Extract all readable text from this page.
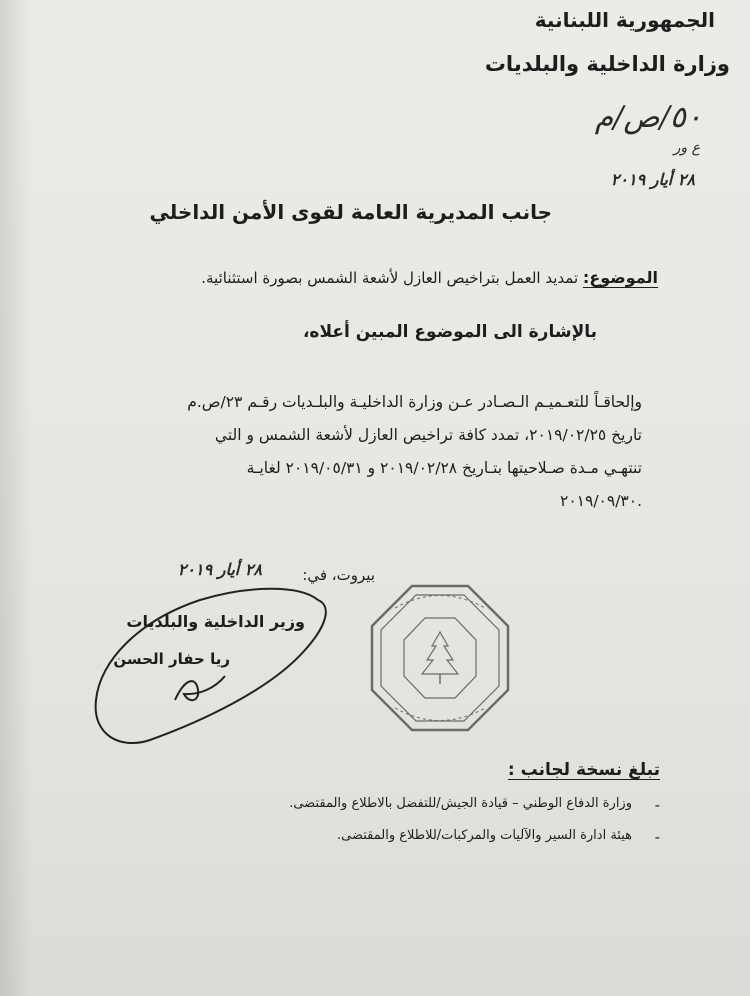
الجمهورية اللبنانية
وزارة الداخلية والبلديات
٥٠/ص/م
ع ور
٢٨ أيار ٢٠١٩
جانب المديرية العامة لقوى الأمن الداخلي
الموضوع: تمديد العمل بتراخيص العازل لأشعة الشمس بصورة استثنائية.
بالإشارة الى الموضوع المبين أعلاه،
وإلحاقـاً للتعـميـم الـصـادر عـن وزارة الداخليـة والبلـديات رقـم ٢٣/ص.م
تاريخ ٢٠١٩/٠٢/٢٥، تمدد كافة تراخيص العازل لأشعة الشمس و التي
تنتهـي مـدة صـلاحيتها بتـاريخ ٢٠١٩/٠٢/٢٨ و ٢٠١٩/٠٥/٣١ لغايـة
٢٠١٩/٠٩/٣٠.
٢٨ أيار ٢٠١٩	بيروت، في:
وزير الداخلية والبلديات
ريا حفار الحسن
تبلغ نسخة لجانب :
-
وزارة الدفاع الوطني – قيادة الجيش/للتفضل بالاطلاع والمقتضى.
-
هيئة ادارة السير والآليات والمركبات/للاطلاع والمقتضى.
